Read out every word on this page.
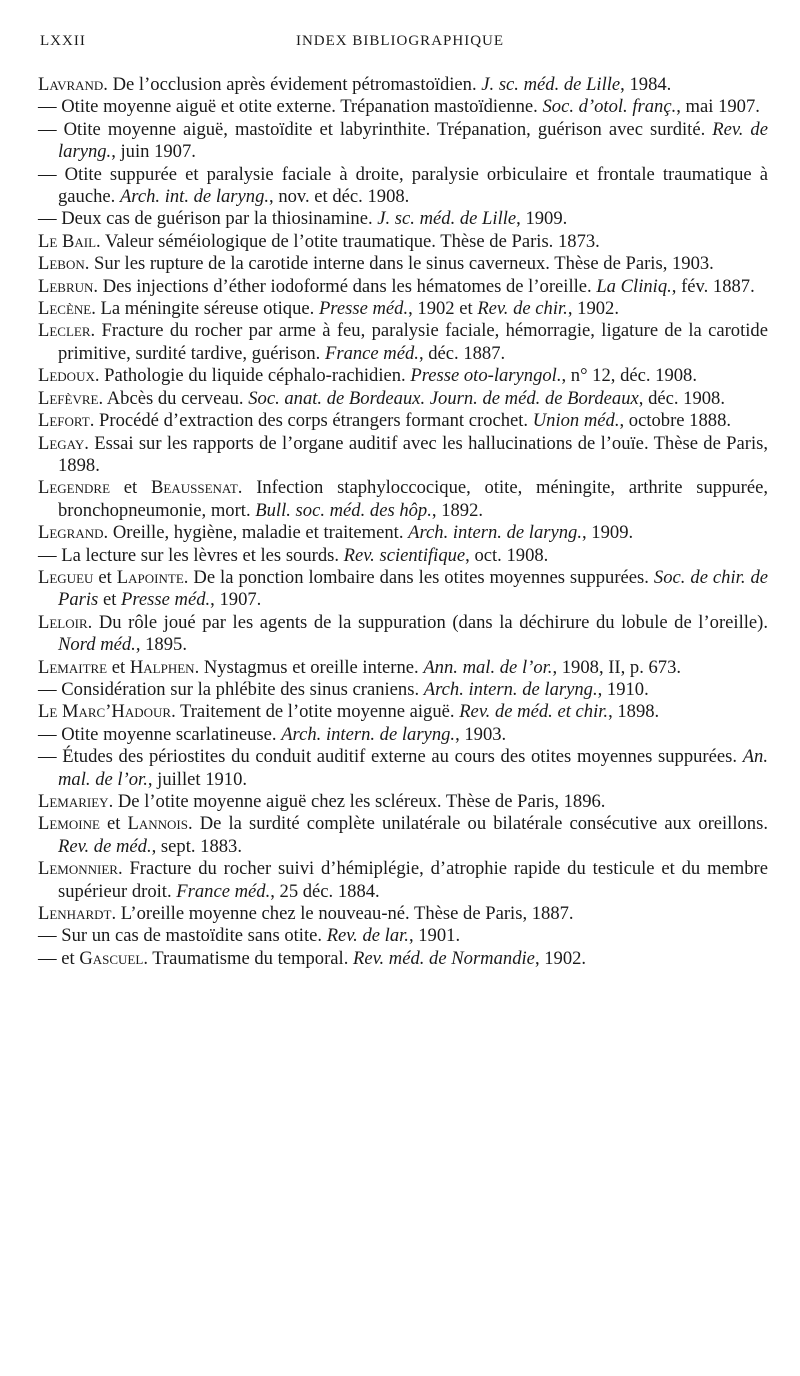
LXXII	INDEX BIBLIOGRAPHIQUE
Lavrand. De l’occlusion après évidement pétromastoïdien. J. sc. méd. de Lille, 1984.
— Otite moyenne aiguë et otite externe. Trépanation mastoïdienne. Soc. d’otol. franç., mai 1907.
— Otite moyenne aiguë, mastoïdite et labyrinthite. Trépanation, guérison avec surdité. Rev. de laryng., juin 1907.
— Otite suppurée et paralysie faciale à droite, paralysie orbiculaire et frontale traumatique à gauche. Arch. int. de laryng., nov. et déc. 1908.
— Deux cas de guérison par la thiosinamine. J. sc. méd. de Lille, 1909.
Le Bail. Valeur séméiologique de l’otite traumatique. Thèse de Paris. 1873.
Lebon. Sur les rupture de la carotide interne dans le sinus caverneux. Thèse de Paris, 1903.
Lebrun. Des injections d’éther iodoformé dans les hématomes de l’oreille. La Cliniq., fév. 1887.
Lecène. La méningite séreuse otique. Presse méd., 1902 et Rev. de chir., 1902.
Lecler. Fracture du rocher par arme à feu, paralysie faciale, hémorragie, ligature de la carotide primitive, surdité tardive, guérison. France méd., déc. 1887.
Ledoux. Pathologie du liquide céphalo-rachidien. Presse oto-laryngol., n° 12, déc. 1908.
Lefèvre. Abcès du cerveau. Soc. anat. de Bordeaux. Journ. de méd. de Bordeaux, déc. 1908.
Lefort. Procédé d’extraction des corps étrangers formant crochet. Union méd., octobre 1888.
Legay. Essai sur les rapports de l’organe auditif avec les hallucinations de l’ouïe. Thèse de Paris, 1898.
Legendre et Beaussenat. Infection staphyloccocique, otite, méningite, arthrite suppurée, bronchopneumonie, mort. Bull. soc. méd. des hôp., 1892.
Legrand. Oreille, hygiène, maladie et traitement. Arch. intern. de laryng., 1909.
— La lecture sur les lèvres et les sourds. Rev. scientifique, oct. 1908.
Legueu et Lapointe. De la ponction lombaire dans les otites moyennes suppurées. Soc. de chir. de Paris et Presse méd., 1907.
Leloir. Du rôle joué par les agents de la suppuration (dans la déchirure du lobule de l’oreille). Nord méd., 1895.
Lemaitre et Halphen. Nystagmus et oreille interne. Ann. mal. de l’or., 1908, II, p. 673.
— Considération sur la phlébite des sinus craniens. Arch. intern. de laryng., 1910.
Le Marc’Hadour. Traitement de l’otite moyenne aiguë. Rev. de méd. et chir., 1898.
— Otite moyenne scarlatineuse. Arch. intern. de laryng., 1903.
— Études des périostites du conduit auditif externe au cours des otites moyennes suppurées. An. mal. de l’or., juillet 1910.
Lemariey. De l’otite moyenne aiguë chez les scléreux. Thèse de Paris, 1896.
Lemoine et Lannois. De la surdité complète unilatérale ou bilatérale consécutive aux oreillons. Rev. de méd., sept. 1883.
Lemonnier. Fracture du rocher suivi d’hémiplégie, d’atrophie rapide du testicule et du membre supérieur droit. France méd., 25 déc. 1884.
Lenhardt. L’oreille moyenne chez le nouveau-né. Thèse de Paris, 1887.
— Sur un cas de mastoïdite sans otite. Rev. de lar., 1901.
— et Gascuel. Traumatisme du temporal. Rev. méd. de Normandie, 1902.
